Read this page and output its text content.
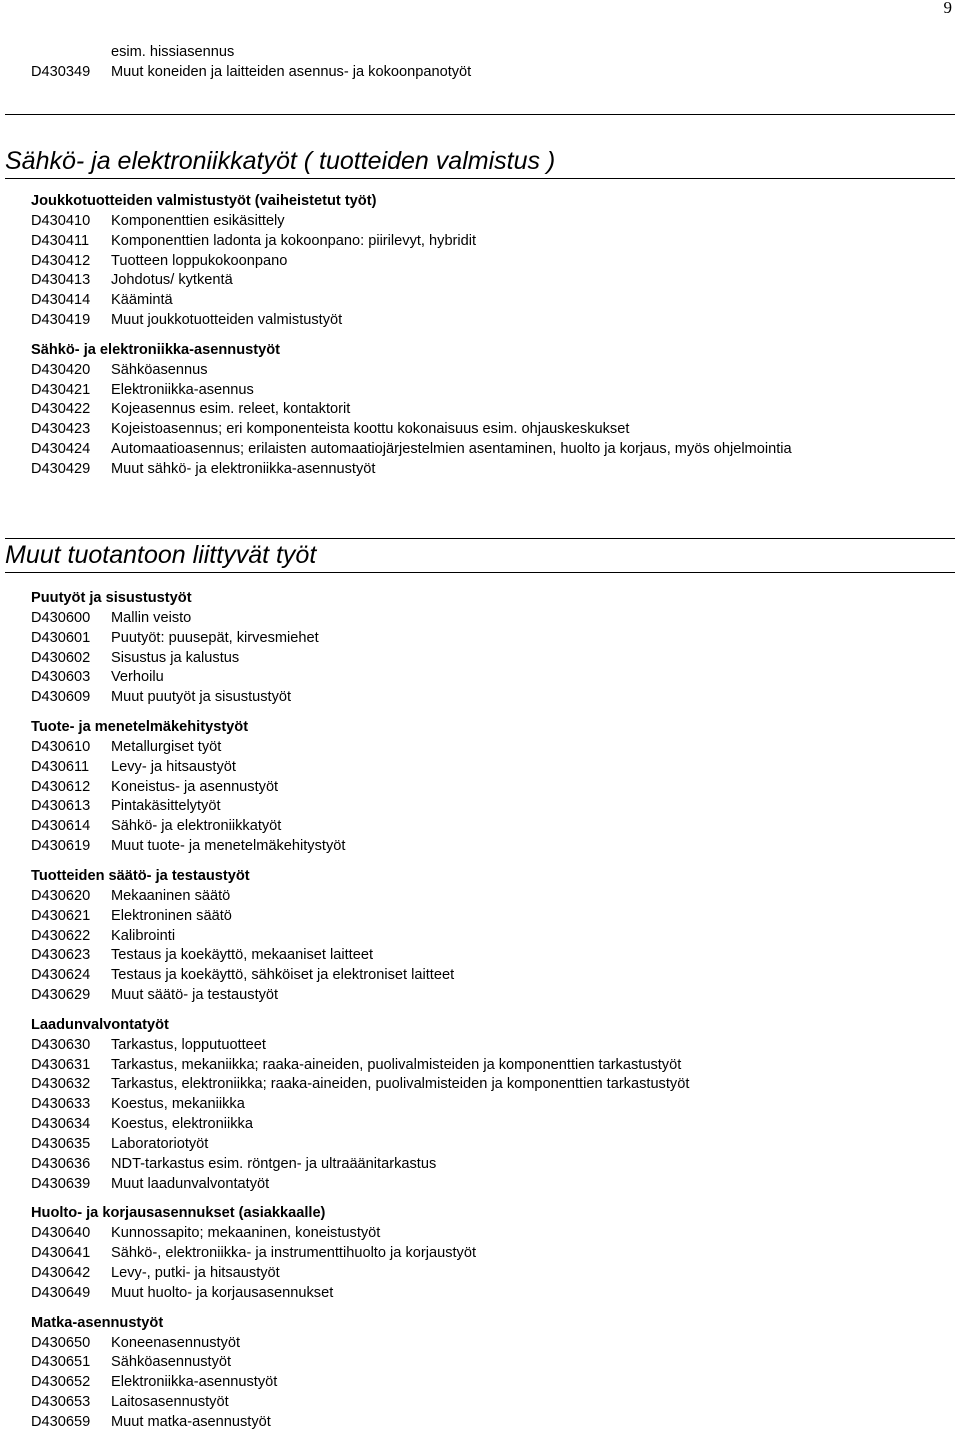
9
esim. hissiasennus
D430349 Muut koneiden ja laitteiden asennus- ja kokoonpanotyöt
Sähkö- ja elektroniikkatyöt ( tuotteiden valmistus )
Joukkotuotteiden valmistustyöt (vaiheistetut työt)
D430410 Komponenttien esikäsittely
D430411 Komponenttien ladonta ja kokoonpano: piirilevyt, hybridit
D430412 Tuotteen loppukokoonpano
D430413 Johdotus/ kytkentä
D430414 Käämintä
D430419 Muut joukkotuotteiden valmistustyöt
Sähkö- ja elektroniikka-asennustyöt
D430420 Sähköasennus
D430421 Elektroniikka-asennus
D430422 Kojeasennus esim. releet, kontaktorit
D430423 Kojeistoasennus; eri komponenteista koottu kokonaisuus esim. ohjauskeskukset
D430424 Automaatioasennus; erilaisten automaatiojärjestelmien asentaminen, huolto ja korjaus, myös ohjelmointia
D430429 Muut sähkö- ja elektroniikka-asennustyöt
Muut tuotantoon liittyvät työt
Puutyöt ja sisustustyöt
D430600 Mallin veisto
D430601 Puutyöt: puusepät, kirvesmiehet
D430602 Sisustus ja kalustus
D430603 Verhoilu
D430609 Muut puutyöt ja sisustustyöt
Tuote- ja menetelmäkehitystyöt
D430610 Metallurgiset työt
D430611 Levy- ja hitsaustyöt
D430612 Koneistus- ja asennustyöt
D430613 Pintakäsittelytyöt
D430614 Sähkö- ja elektroniikkatyöt
D430619 Muut tuote- ja menetelmäkehitystyöt
Tuotteiden säätö- ja testaustyöt
D430620 Mekaaninen säätö
D430621 Elektroninen säätö
D430622 Kalibrointi
D430623 Testaus ja koekäyttö, mekaaniset laitteet
D430624 Testaus ja koekäyttö, sähköiset ja elektroniset laitteet
D430629 Muut säätö- ja testaustyöt
Laadunvalvontatyöt
D430630 Tarkastus, lopputuotteet
D430631 Tarkastus, mekaniikka; raaka-aineiden, puolivalmisteiden ja komponenttien tarkastustyöt
D430632 Tarkastus, elektroniikka; raaka-aineiden, puolivalmisteiden ja komponenttien tarkastustyöt
D430633 Koestus, mekaniikka
D430634 Koestus, elektroniikka
D430635 Laboratoriotyöt
D430636 NDT-tarkastus esim. röntgen- ja ultraäänitarkastus
D430639 Muut laadunvalvontatyöt
Huolto- ja korjausasennukset (asiakkaalle)
D430640 Kunnossapito; mekaaninen, koneistustyöt
D430641 Sähkö-, elektroniikka- ja instrumenttihuolto ja korjaustyöt
D430642 Levy-, putki- ja hitsaustyöt
D430649 Muut huolto- ja korjausasennukset
Matka-asennustyöt
D430650 Koneenasennustyöt
D430651 Sähköasennustyöt
D430652 Elektroniikka-asennustyöt
D430653 Laitosasennustyöt
D430659 Muut matka-asennustyöt
